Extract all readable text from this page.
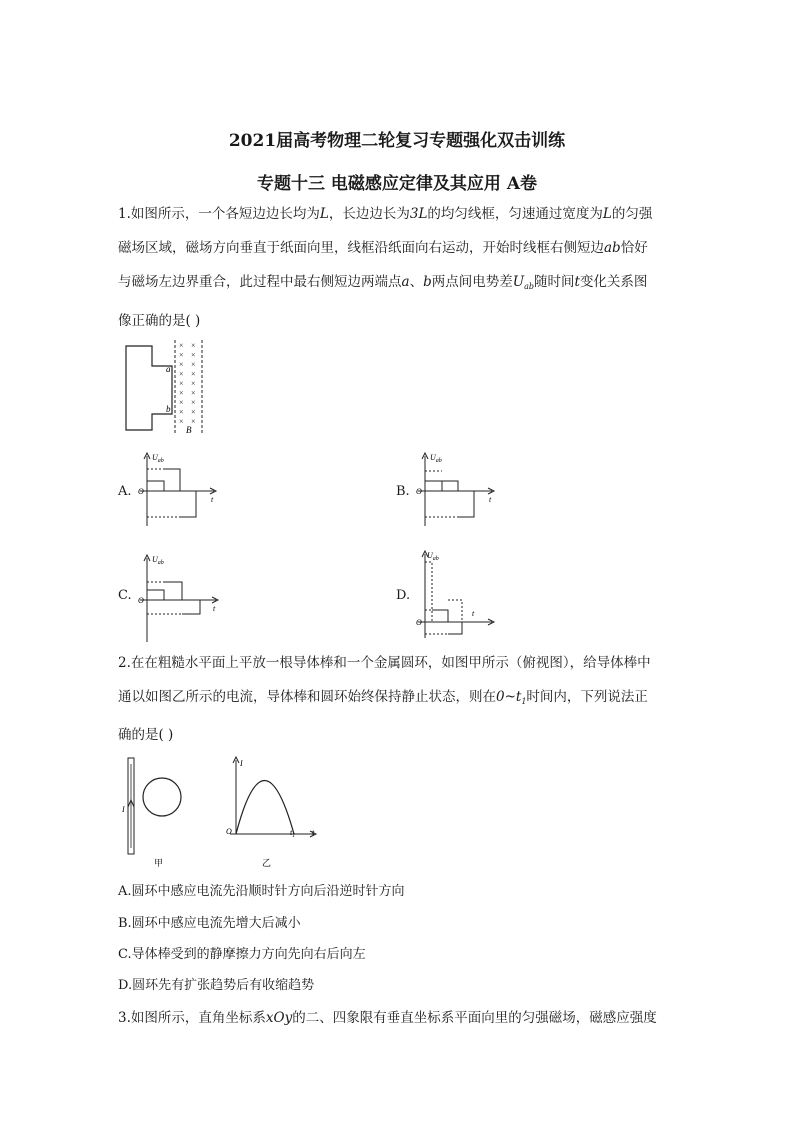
2021届高考物理二轮复习专题强化双击训练
专题十三 电磁感应定律及其应用 A卷
1.如图所示，一个各短边边长均为L，长边边长为3L的均匀线框，匀速通过宽度为L的匀强
磁场区域，磁场方向垂直于纸面向里，线框沿纸面向右运动，开始时线框右侧短边ab恰好
与磁场左边界重合，此过程中最右侧短边两端点a、b两点间电势差$U_{ab}$随时间t变化关系图
像正确的是( )
× ×
× ×
× ×
× ×
× ×
× ×
× ×
× ×
× ×
a
b
B
A.
$U_{ab}$
O
t
B.
$U_{ab}$
O
t
C.
$U_{ab}$
O
t
D.
$U_{ab}$
O
t
2.在在粗糙水平面上平放一根导体棒和一个金属圆环，如图甲所示（俯视图），给导体棒中
通以如图乙所示的电流，导体棒和圆环始终保持静止状态，则在$0\sim t_1$时间内，下列说法正
确的是( )
I
I
O	$t_1$ t
甲	乙
A.圆环中感应电流先沿顺时针方向后沿逆时针方向
B.圆环中感应电流先增大后减小
C.导体棒受到的静摩擦力方向先向右后向左
D.圆环先有扩张趋势后有收缩趋势
3.如图所示，直角坐标系xOy的二、四象限有垂直坐标系平面向里的匀强磁场，磁感应强度
